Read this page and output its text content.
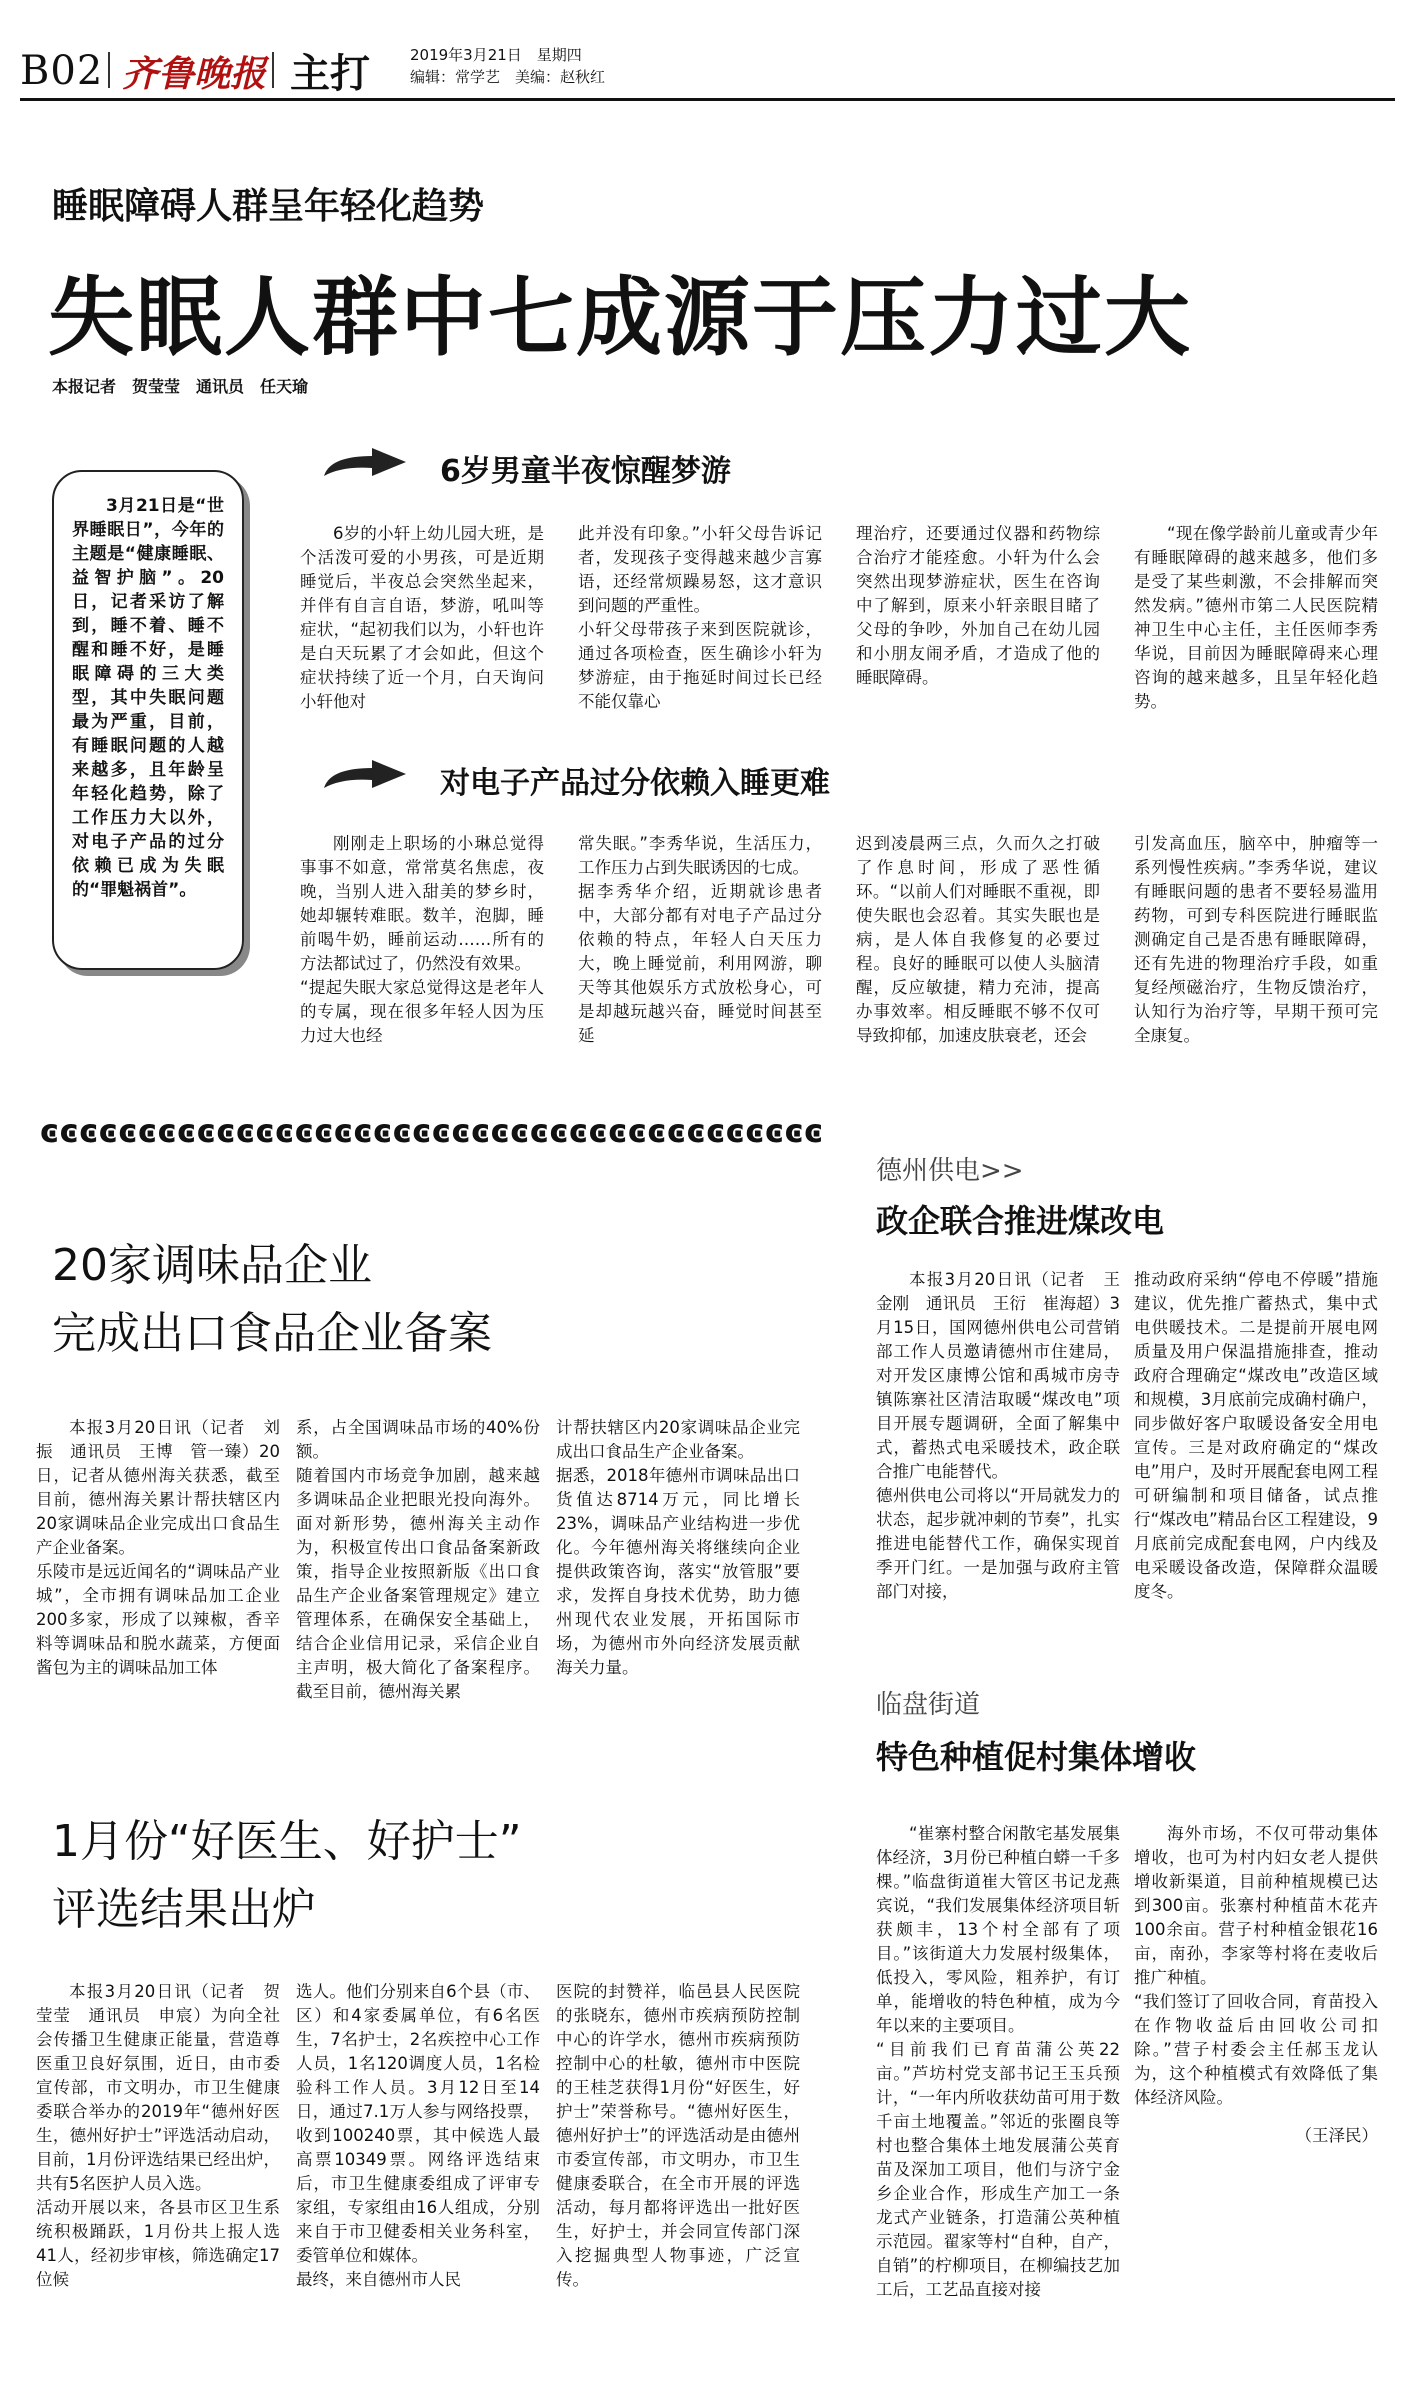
B02 齐鲁晚报 主打	2019年3月21日　星期四
编辑：常学艺　美编：赵秋红
睡眠障碍人群呈年轻化趋势
失眠人群中七成源于压力过大
本报记者　贺莹莹　通讯员　任天瑜
3月21日是“世界睡眠日”，今年的主题是“健康睡眠、益智护脑”。20日，记者采访了解到，睡不着、睡不醒和睡不好，是睡眠障碍的三大类型，其中失眠问题最为严重，目前，有睡眠问题的人越来越多，且年龄呈年轻化趋势，除了工作压力大以外，对电子产品的过分依赖已成为失眠的“罪魁祸首”。
6岁男童半夜惊醒梦游
6岁的小轩上幼儿园大班，是个活泼可爱的小男孩，可是近期睡觉后，半夜总会突然坐起来，并伴有自言自语，梦游，吼叫等症状，“起初我们以为，小轩也许是白天玩累了才会如此，但这个症状持续了近一个月，白天询问小轩他对
此并没有印象。”小轩父母告诉记者，发现孩子变得越来越少言寡语，还经常烦躁易怒，这才意识到问题的严重性。
小轩父母带孩子来到医院就诊，通过各项检查，医生确诊小轩为梦游症，由于拖延时间过长已经不能仅靠心
理治疗，还要通过仪器和药物综合治疗才能痊愈。小轩为什么会突然出现梦游症状，医生在咨询中了解到，原来小轩亲眼目睹了父母的争吵，外加自己在幼儿园和小朋友闹矛盾，才造成了他的睡眠障碍。
“现在像学龄前儿童或青少年有睡眠障碍的越来越多，他们多是受了某些刺激，不会排解而突然发病。”德州市第二人民医院精神卫生中心主任，主任医师李秀华说，目前因为睡眠障碍来心理咨询的越来越多，且呈年轻化趋势。
对电子产品过分依赖入睡更难
刚刚走上职场的小琳总觉得事事不如意，常常莫名焦虑，夜晚，当别人进入甜美的梦乡时，她却辗转难眠。数羊，泡脚，睡前喝牛奶，睡前运动……所有的方法都试过了，仍然没有效果。
“提起失眠大家总觉得这是老年人的专属，现在很多年轻人因为压力过大也经
常失眠。”李秀华说，生活压力，工作压力占到失眠诱因的七成。
据李秀华介绍，近期就诊患者中，大部分都有对电子产品过分依赖的特点，年轻人白天压力大，晚上睡觉前，利用网游，聊天等其他娱乐方式放松身心，可是却越玩越兴奋，睡觉时间甚至延
迟到凌晨两三点，久而久之打破了作息时间，形成了恶性循环。“以前人们对睡眠不重视，即使失眠也会忍着。其实失眠也是病，是人体自我修复的必要过程。良好的睡眠可以使人头脑清醒，反应敏捷，精力充沛，提高办事效率。相反睡眠不够不仅可导致抑郁，加速皮肤衰老，还会
引发高血压，脑卒中，肿瘤等一系列慢性疾病。”李秀华说，建议有睡眠问题的患者不要轻易滥用药物，可到专科医院进行睡眠监测确定自己是否患有睡眠障碍，还有先进的物理治疗手段，如重复经颅磁治疗，生物反馈治疗，认知行为治疗等，早期干预可完全康复。
ͼͼͼͼͼͼͼͼͼͼͼͼͼͼͼͼͼͼͼͼͼͼͼͼͼͼͼͼͼͼͼͼͼͼͼͼͼͼͼͼ
20家调味品企业
完成出口食品企业备案
本报3月20日讯（记者　刘振　通讯员　王博　管一臻）20日，记者从德州海关获悉，截至目前，德州海关累计帮扶辖区内20家调味品企业完成出口食品生产企业备案。
乐陵市是远近闻名的“调味品产业城”，全市拥有调味品加工企业200多家，形成了以辣椒，香辛料等调味品和脱水蔬菜，方便面酱包为主的调味品加工体
系，占全国调味品市场的40%份额。
随着国内市场竞争加剧，越来越多调味品企业把眼光投向海外。面对新形势，德州海关主动作为，积极宣传出口食品备案新政策，指导企业按照新版《出口食品生产企业备案管理规定》建立管理体系，在确保安全基础上，结合企业信用记录，采信企业自主声明，极大简化了备案程序。截至目前，德州海关累
计帮扶辖区内20家调味品企业完成出口食品生产企业备案。
据悉，2018年德州市调味品出口货值达8714万元，同比增长23%，调味品产业结构进一步优化。今年德州海关将继续向企业提供政策咨询，落实“放管服”要求，发挥自身技术优势，助力德州现代农业发展，开拓国际市场，为德州市外向经济发展贡献海关力量。
1月份“好医生、好护士”
评选结果出炉
本报3月20日讯（记者　贺莹莹　通讯员　申宸）为向全社会传播卫生健康正能量，营造尊医重卫良好氛围，近日，由市委宣传部，市文明办，市卫生健康委联合举办的2019年“德州好医生，德州好护士”评选活动启动，目前，1月份评选结果已经出炉，共有5名医护人员入选。
活动开展以来，各县市区卫生系统积极踊跃，1月份共上报人选41人，经初步审核，筛选确定17位候
选人。他们分别来自6个县（市、区）和4家委属单位，有6名医生，7名护士，2名疾控中心工作人员，1名120调度人员，1名检验科工作人员。3月12日至14日，通过7.1万人参与网络投票，收到100240票，其中候选人最高票10349票。网络评选结束后，市卫生健康委组成了评审专家组，专家组由16人组成，分别来自于市卫健委相关业务科室，委管单位和媒体。
最终，来自德州市人民
医院的封赞祥，临邑县人民医院的张晓东，德州市疾病预防控制中心的许学水，德州市疾病预防控制中心的杜敏，德州市中医院的王桂芝获得1月份“好医生，好护士”荣誉称号。“德州好医生，德州好护士”的评选活动是由德州市委宣传部，市文明办，市卫生健康委联合，在全市开展的评选活动，每月都将评选出一批好医生，好护士，并会同宣传部门深入挖掘典型人物事迹，广泛宣传。
德州供电>>
政企联合推进煤改电
本报3月20日讯（记者　王金刚　通讯员　王衍　崔海超）3月15日，国网德州供电公司营销部工作人员邀请德州市住建局，对开发区康博公馆和禹城市房寺镇陈寨社区清洁取暖“煤改电”项目开展专题调研，全面了解集中式，蓄热式电采暖技术，政企联合推广电能替代。
德州供电公司将以“开局就发力的状态，起步就冲刺的节奏”，扎实推进电能替代工作，确保实现首季开门红。一是加强与政府主管部门对接，
推动政府采纳“停电不停暖”措施建议，优先推广蓄热式，集中式电供暖技术。二是提前开展电网质量及用户保温措施排查，推动政府合理确定“煤改电”改造区域和规模，3月底前完成确村确户，同步做好客户取暖设备安全用电宣传。三是对政府确定的“煤改电”用户，及时开展配套电网工程可研编制和项目储备，试点推行“煤改电”精品台区工程建设，9月底前完成配套电网，户内线及电采暖设备改造，保障群众温暖度冬。
临盘街道
特色种植促村集体增收
“崔寨村整合闲散宅基发展集体经济，3月份已种植白蟒一千多棵。”临盘街道崔大管区书记龙燕宾说，“我们发展集体经济项目斩获颇丰，13个村全部有了项目。”该街道大力发展村级集体，低投入，零风险，粗养护，有订单，能增收的特色种植，成为今年以来的主要项目。
“目前我们已育苗蒲公英22亩。”芦坊村党支部书记王玉兵预计，“一年内所收获幼苗可用于数千亩土地覆盖。”邻近的张圈良等村也整合集体土地发展蒲公英育苗及深加工项目，他们与济宁金乡企业合作，形成生产加工一条龙式产业链条，打造蒲公英种植示范园。翟家等村“自种，自产，自销”的柠柳项目，在柳编技艺加工后，工艺品直接对接
海外市场，不仅可带动集体增收，也可为村内妇女老人提供增收新渠道，目前种植规模已达到300亩。张寨村种植苗木花卉100余亩。营子村种植金银花16亩，南孙，李家等村将在麦收后推广种植。
“我们签订了回收合同，育苗投入在作物收益后由回收公司扣除。”营子村委会主任郝玉龙认为，这个种植模式有效降低了集体经济风险。
（王泽民）
